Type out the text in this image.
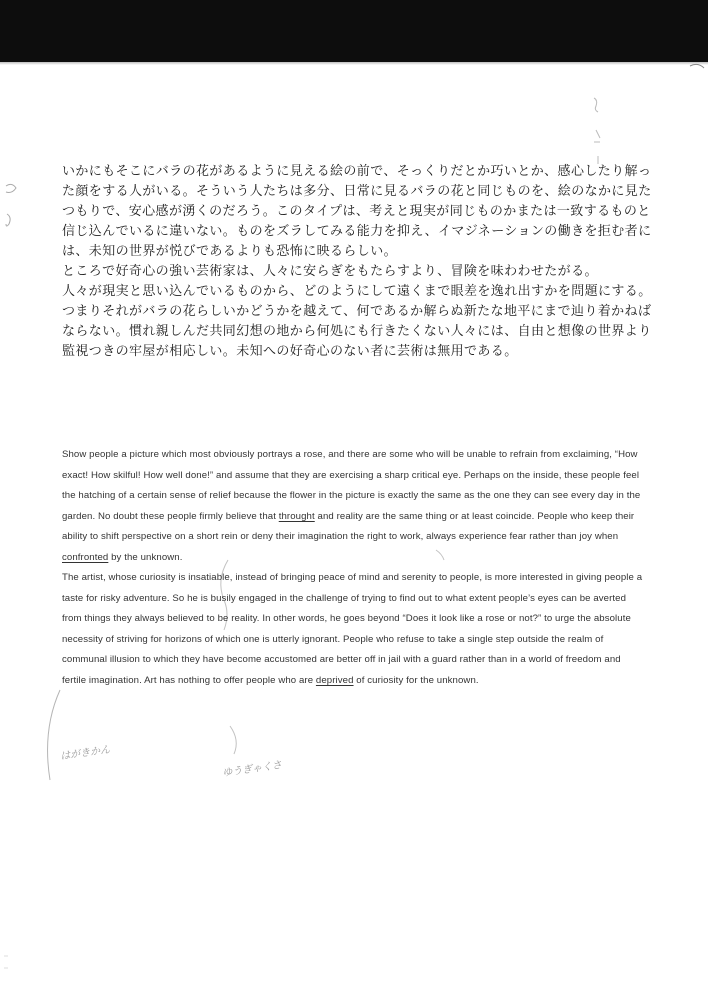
いかにもそこにバラの花があるように見える絵の前で、そっくりだとか巧いとか、感心したり解った顔をする人がいる。そういう人たちは多分、日常に見るバラの花と同じものを、絵のなかに見たつもりで、安心感が湧くのだろう。このタイプは、考えと現実が同じものかまたは一致するものと信じ込んでいるに違いない。ものをズラしてみる能力を抑え、イマジネーションの働きを拒む者には、未知の世界が悦びであるよりも恐怖に映るらしい。

ところで好奇心の強い芸術家は、人々に安らぎをもたらすより、冒険を味わわせたがる。

人々が現実と思い込んでいるものから、どのようにして遠くまで眼差を逸れ出すかを問題にする。つまりそれがバラの花らしいかどうかを越えて、何であるか解らぬ新たな地平にまで辿り着かねばならない。慣れ親しんだ共同幻想の地から何処にも行きたくない人々には、自由と想像の世界より監視つきの牢屋が相応しい。未知への好奇心のない者に芸術は無用である。

Show people a picture which most obviously portrays a rose, and there are some who will be unable to refrain from exclaiming, “How exact! How skilful! How well done!” and assume that they are exercising a sharp critical eye. Perhaps on the inside, these people feel the hatching of a certain sense of relief because the flower in the picture is exactly the same as the one they can see every day in the garden. No doubt these people firmly believe that throught and reality are the same thing or at least coincide. People who keep their ability to shift perspective on a short rein or deny their imagination the right to work, always experience fear rather than joy when confronted by the unknown.

The artist, whose curiosity is insatiable, instead of bringing peace of mind and serenity to people, is more interested in giving people a taste for risky adventure. So he is busily engaged in the challenge of trying to find out to what extent people’s eyes can be averted from things they always believed to be reality. In other words, he goes beyond “Does it look like a rose or not?” to urge the absolute necessity of striving for horizons of which one is utterly ignorant. People who refuse to take a single step outside the realm of communal illusion to which they have become accustomed are better off in jail with a guard rather than in a world of freedom and fertile imagination. Art has nothing to offer people who are deprived of curiosity for the unknown.

はがきかん
ゆうぎゃくさ
